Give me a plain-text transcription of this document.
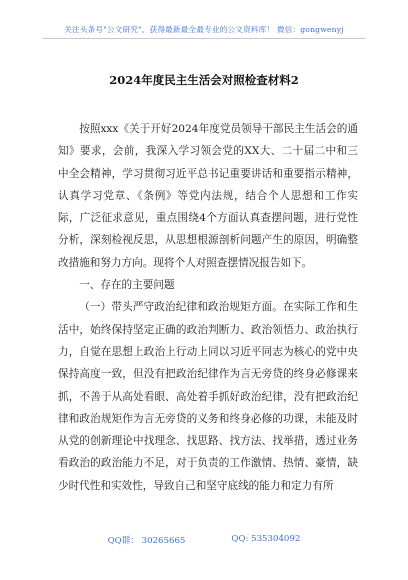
关注头条号"公文研究"，获得最新最全最专业的公文资料库！ 微信：gongwenyj
2024年度民主生活会对照检查材料2

按照xxx《关于开好2024年度党员领导干部民主生活会的通知》要求，会前，我深入学习领会党的XX大、二十届二中和三中全会精神，学习贯彻习近平总书记重要讲话和重要指示精神，认真学习党章、《条例》等党内法规，结合个人思想和工作实际，广泛征求意见，重点围绕4个方面认真查摆问题，进行党性分析，深刻检视反思，从思想根源剖析问题产生的原因，明确整改措施和努力方向。现将个人对照查摆情况报告如下。

一、存在的主要问题

（一）带头严守政治纪律和政治规矩方面。在实际工作和生活中，始终保持坚定正确的政治判断力、政治领悟力、政治执行力，自觉在思想上政治上行动上同以习近平同志为核心的党中央保持高度一致，但没有把政治纪律作为言无旁贷的终身必修课来抓，不善于从高处看眼、高处着手抓好政治纪律，没有把政治纪律和政治规矩作为言无旁贷的义务和终身必修的功课，未能及时从党的创新理论中找理念、找思路、找方法、找举措，透过业务看政治的政治能力不足，对于负责的工作激情、热情、豪情，缺少时代性和实效性，导致自己和坚守底线的能力和定力有所

QQ群： 30265665	QQ: 535304092
